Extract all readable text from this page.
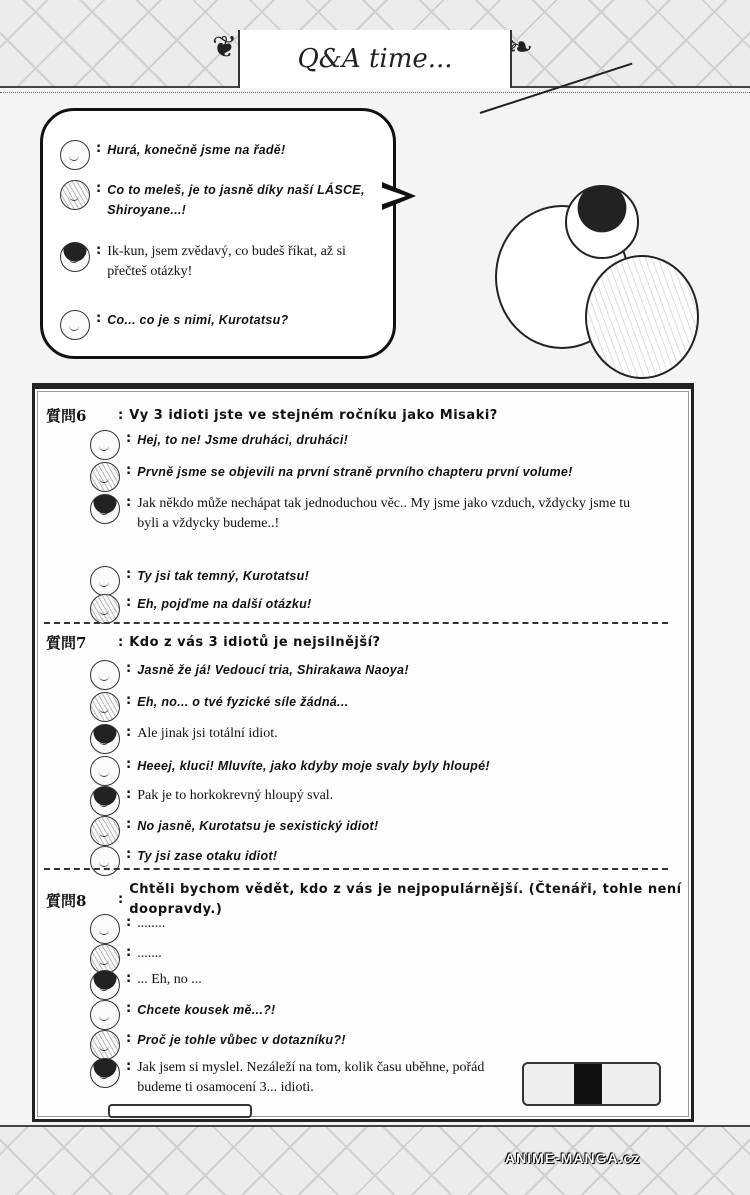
❦	Q&A time...	❧
: Hurá, konečně jsme na řadě!
: Co to meleš, je to jasně díky naší LÁSCE, Shiroyane...!
: Ik-kun, jsem zvědavý, co budeš říkat, až si přečteš otázky!
: Co... co je s nimi, Kurotatsu?
質問6	: Vy 3 idioti jste ve stejném ročníku jako Misaki?
: Hej, to ne! Jsme druháci, druháci!
: Prvně jsme se objevili na první straně prvního chapteru první volume!
: Jak někdo může nechápat tak jednoduchou věc.. My jsme jako vzduch, vždycky jsme tu byli a vždycky budeme..!
: Ty jsi tak temný, Kurotatsu!
: Eh, pojďme na další otázku!
質問7	: Kdo z vás 3 idiotů je nejsilnější?
: Jasně že já! Vedoucí tria, Shirakawa Naoya!
: Eh, no... o tvé fyzické síle žádná...
: Ale jinak jsi totální idiot.
: Heeej, kluci! Mluvíte, jako kdyby moje svaly byly hloupé!
: Pak je to horkokrevný hloupý sval.
: No jasně, Kurotatsu je sexistický idiot!
: Ty jsi zase otaku idiot!
質問8	:
Chtěli bychom vědět, kdo z vás je nejpopulárnější. (Čtenáři, tohle není doopravdy.)
: ........
: .......
: ... Eh, no ...
: Chcete kousek mě...?!
: Proč je tohle vůbec v dotazníku?!
: Jak jsem si myslel. Nezáleží na tom, kolik času uběhne, pořád budeme ti osamocení 3... idioti.
ANIME-MANGA.cz
